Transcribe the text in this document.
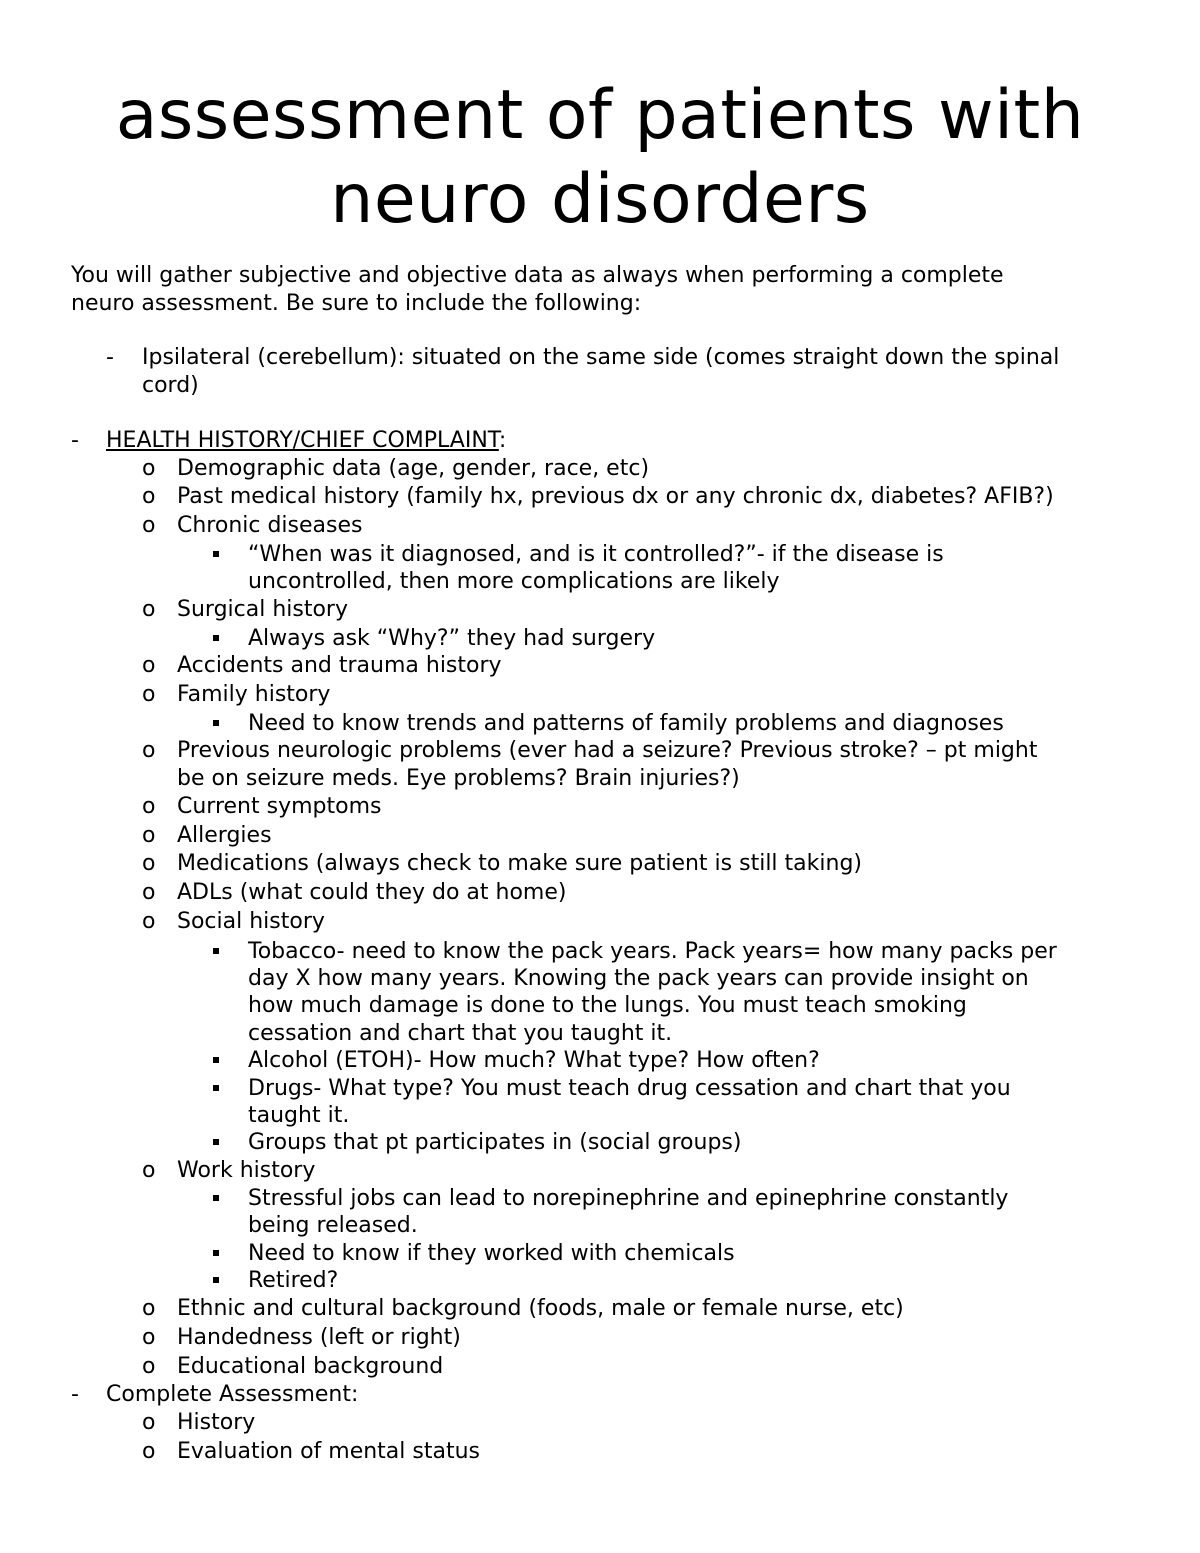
assessment of patients with
neuro disorders
You will gather subjective and objective data as always when performing a complete
neuro assessment. Be sure to include the following:
- Ipsilateral (cerebellum): situated on the same side (comes straight down the spinal
cord)
- HEALTH HISTORY/CHIEF COMPLAINT:
o Demographic data (age, gender, race, etc)
o Past medical history (family hx, previous dx or any chronic dx, diabetes? AFIB?)
o Chronic diseases
“When was it diagnosed, and is it controlled?”- if the disease is
uncontrolled, then more complications are likely
o Surgical history
Always ask “Why?” they had surgery
o Accidents and trauma history
o Family history
Need to know trends and patterns of family problems and diagnoses
o Previous neurologic problems (ever had a seizure? Previous stroke? – pt might
be on seizure meds. Eye problems? Brain injuries?)
o Current symptoms
o Allergies
o Medications (always check to make sure patient is still taking)
o ADLs (what could they do at home)
o Social history
Tobacco- need to know the pack years. Pack years= how many packs per
day X how many years. Knowing the pack years can provide insight on
how much damage is done to the lungs. You must teach smoking
cessation and chart that you taught it.
Alcohol (ETOH)- How much? What type? How often?
Drugs- What type? You must teach drug cessation and chart that you
taught it.
Groups that pt participates in (social groups)
o Work history
Stressful jobs can lead to norepinephrine and epinephrine constantly
being released.
Need to know if they worked with chemicals
Retired?
o Ethnic and cultural background (foods, male or female nurse, etc)
o Handedness (left or right)
o Educational background
- Complete Assessment:
o History
o Evaluation of mental status
